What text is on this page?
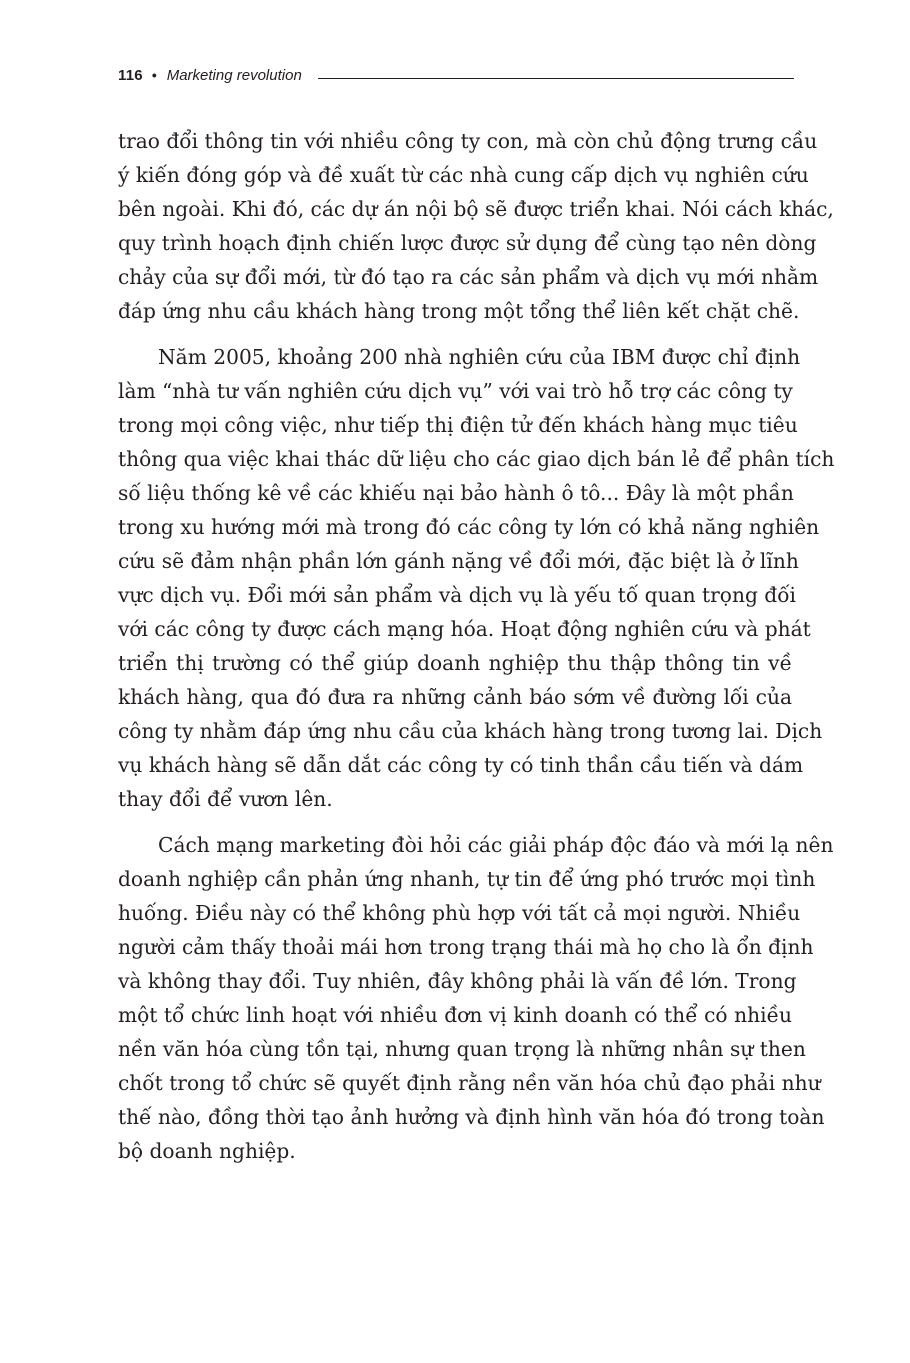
116 • Marketing revolution
trao đổi thông tin với nhiều công ty con, mà còn chủ động trưng cầu
ý kiến đóng góp và đề xuất từ các nhà cung cấp dịch vụ nghiên cứu
bên ngoài. Khi đó, các dự án nội bộ sẽ được triển khai. Nói cách khác,
quy trình hoạch định chiến lược được sử dụng để cùng tạo nên dòng
chảy của sự đổi mới, từ đó tạo ra các sản phẩm và dịch vụ mới nhằm
đáp ứng nhu cầu khách hàng trong một tổng thể liên kết chặt chẽ.
Năm 2005, khoảng 200 nhà nghiên cứu của IBM được chỉ định
làm “nhà tư vấn nghiên cứu dịch vụ” với vai trò hỗ trợ các công ty
trong mọi công việc, như tiếp thị điện tử đến khách hàng mục tiêu
thông qua việc khai thác dữ liệu cho các giao dịch bán lẻ để phân tích
số liệu thống kê về các khiếu nại bảo hành ô tô... Đây là một phần
trong xu hướng mới mà trong đó các công ty lớn có khả năng nghiên
cứu sẽ đảm nhận phần lớn gánh nặng về đổi mới, đặc biệt là ở lĩnh
vực dịch vụ. Đổi mới sản phẩm và dịch vụ là yếu tố quan trọng đối
với các công ty được cách mạng hóa. Hoạt động nghiên cứu và phát
triển thị trường có thể giúp doanh nghiệp thu thập thông tin về
khách hàng, qua đó đưa ra những cảnh báo sớm về đường lối của
công ty nhằm đáp ứng nhu cầu của khách hàng trong tương lai. Dịch
vụ khách hàng sẽ dẫn dắt các công ty có tinh thần cầu tiến và dám
thay đổi để vươn lên.
Cách mạng marketing đòi hỏi các giải pháp độc đáo và mới lạ nên
doanh nghiệp cần phản ứng nhanh, tự tin để ứng phó trước mọi tình
huống. Điều này có thể không phù hợp với tất cả mọi người. Nhiều
người cảm thấy thoải mái hơn trong trạng thái mà họ cho là ổn định
và không thay đổi. Tuy nhiên, đây không phải là vấn đề lớn. Trong
một tổ chức linh hoạt với nhiều đơn vị kinh doanh có thể có nhiều
nền văn hóa cùng tồn tại, nhưng quan trọng là những nhân sự then
chốt trong tổ chức sẽ quyết định rằng nền văn hóa chủ đạo phải như
thế nào, đồng thời tạo ảnh hưởng và định hình văn hóa đó trong toàn
bộ doanh nghiệp.
